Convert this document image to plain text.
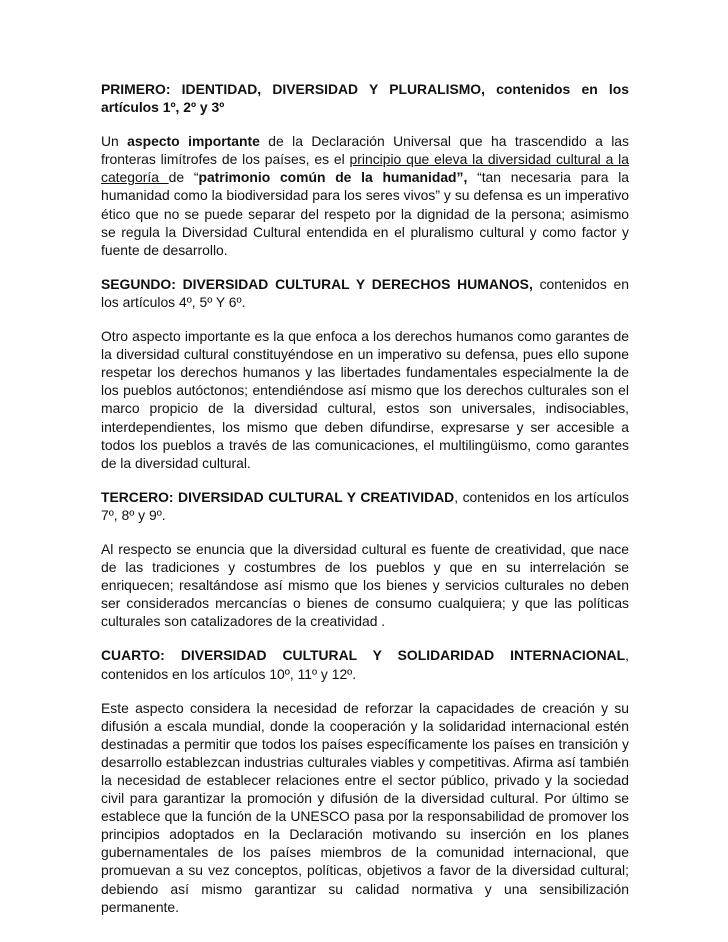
PRIMERO: IDENTIDAD, DIVERSIDAD Y PLURALISMO, contenidos en los artículos 1º, 2º y 3º

Un aspecto importante de la Declaración Universal que ha trascendido a las fronteras limítrofes de los países, es el principio que eleva la diversidad cultural a la categoría de “patrimonio común de la humanidad”, “tan necesaria para la humanidad como la biodiversidad para los seres vivos” y su defensa es un imperativo ético que no se puede separar del respeto por la dignidad de la persona; asimismo se regula la Diversidad Cultural entendida en el pluralismo cultural y como factor y fuente de desarrollo.

SEGUNDO: DIVERSIDAD CULTURAL Y DERECHOS HUMANOS, contenidos en los artículos 4º, 5º Y 6º.

Otro aspecto importante es la que enfoca a los derechos humanos como garantes de la diversidad cultural constituyéndose en un imperativo su defensa, pues ello supone respetar los derechos humanos y las libertades fundamentales especialmente la de los pueblos autóctonos; entendiéndose así mismo que los derechos culturales son el marco propicio de la diversidad cultural, estos son universales, indisociables, interdependientes, los mismo que deben difundirse, expresarse y ser accesible a todos los pueblos a través de las comunicaciones, el multilingüismo, como garantes de la diversidad cultural.

TERCERO: DIVERSIDAD CULTURAL Y CREATIVIDAD, contenidos en los artículos 7º, 8º y 9º.

Al respecto se enuncia que la diversidad cultural es fuente de creatividad, que nace de las tradiciones y costumbres de los pueblos y que en su interrelación se enriquecen; resaltándose así mismo que los bienes y servicios culturales no deben ser considerados mercancías o bienes de consumo cualquiera; y que las políticas culturales son catalizadores de la creatividad .

CUARTO: DIVERSIDAD CULTURAL Y SOLIDARIDAD INTERNACIONAL, contenidos en los artículos 10º, 11º y 12º.

Este aspecto considera la necesidad de reforzar la capacidades de creación y su difusión a escala mundial, donde la cooperación y la solidaridad internacional estén destinadas a permitir que todos los países específicamente los países en transición y desarrollo establezcan industrias culturales viables y competitivas. Afirma así también la necesidad de establecer relaciones entre el sector público, privado y la sociedad civil para garantizar la promoción y difusión de la diversidad cultural. Por último se establece que la función de la UNESCO pasa por la responsabilidad de promover los principios adoptados en la Declaración motivando su inserción en los planes gubernamentales de los países miembros de la comunidad internacional, que promuevan a su vez conceptos, políticas, objetivos a favor de la diversidad cultural; debiendo así mismo garantizar su calidad normativa y una sensibilización permanente.
